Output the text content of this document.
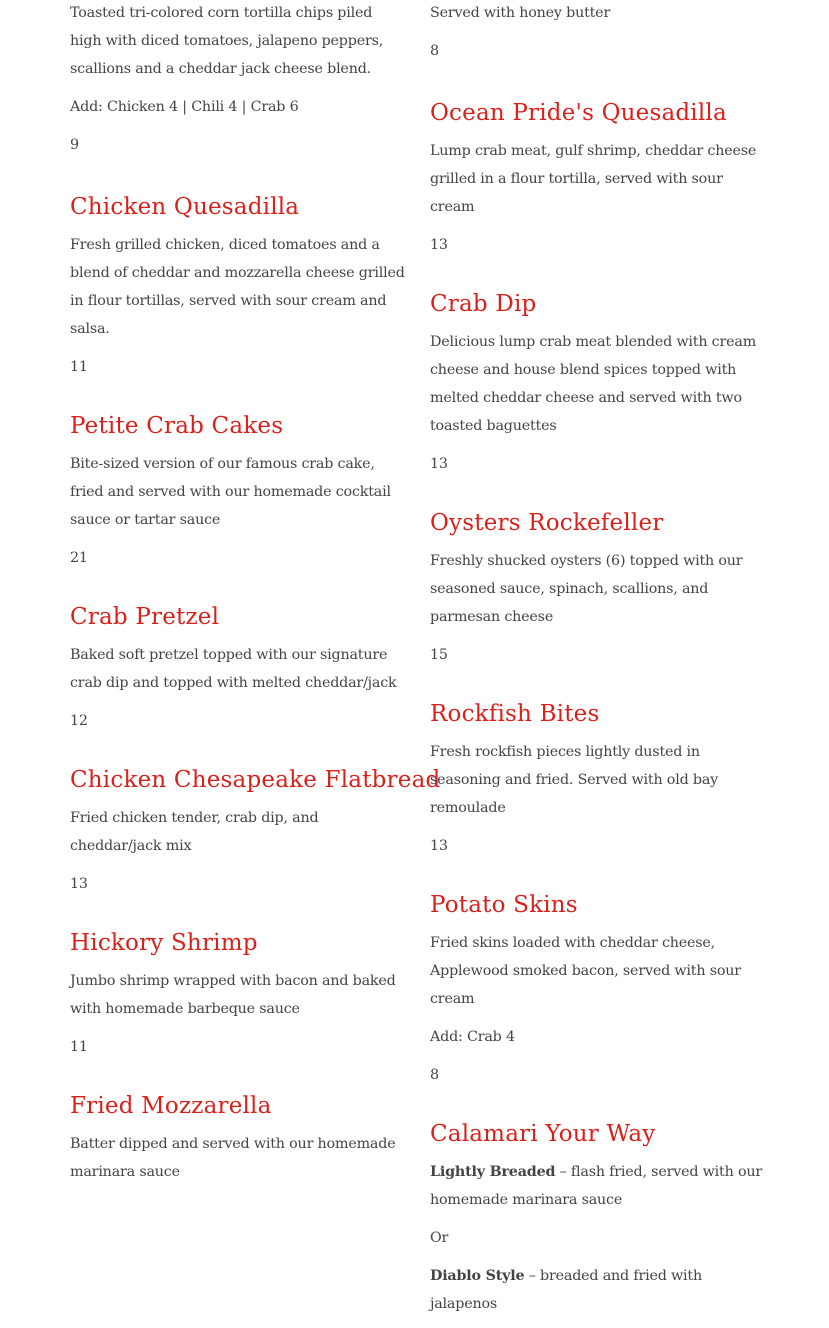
Toasted tri-colored corn tortilla chips piled high with diced tomatoes, jalapeno peppers, scallions and a cheddar jack cheese blend.

Add: Chicken 4 | Chili 4 | Crab 6

9

Chicken Quesadilla

Fresh grilled chicken, diced tomatoes and a blend of cheddar and mozzarella cheese grilled in flour tortillas, served with sour cream and salsa.

11

Petite Crab Cakes

Bite-sized version of our famous crab cake, fried and served with our homemade cocktail sauce or tartar sauce

21

Crab Pretzel

Baked soft pretzel topped with our signature crab dip and topped with melted cheddar/jack

12

Chicken Chesapeake Flatbread

Fried chicken tender, crab dip, and cheddar/jack mix

13

Hickory Shrimp

Jumbo shrimp wrapped with bacon and baked with homemade barbeque sauce

11

Fried Mozzarella

Batter dipped and served with our homemade marinara sauce

Served with honey butter

8

Ocean Pride's Quesadilla

Lump crab meat, gulf shrimp, cheddar cheese grilled in a flour tortilla, served with sour cream

13

Crab Dip

Delicious lump crab meat blended with cream cheese and house blend spices topped with melted cheddar cheese and served with two toasted baguettes

13

Oysters Rockefeller

Freshly shucked oysters (6) topped with our seasoned sauce, spinach, scallions, and parmesan cheese

15

Rockfish Bites

Fresh rockfish pieces lightly dusted in seasoning and fried. Served with old bay remoulade

13

Potato Skins

Fried skins loaded with cheddar cheese, Applewood smoked bacon, served with sour cream

Add: Crab 4

8

Calamari Your Way

Lightly Breaded – flash fried, served with our homemade marinara sauce

Or

Diablo Style – breaded and fried with jalapenos
